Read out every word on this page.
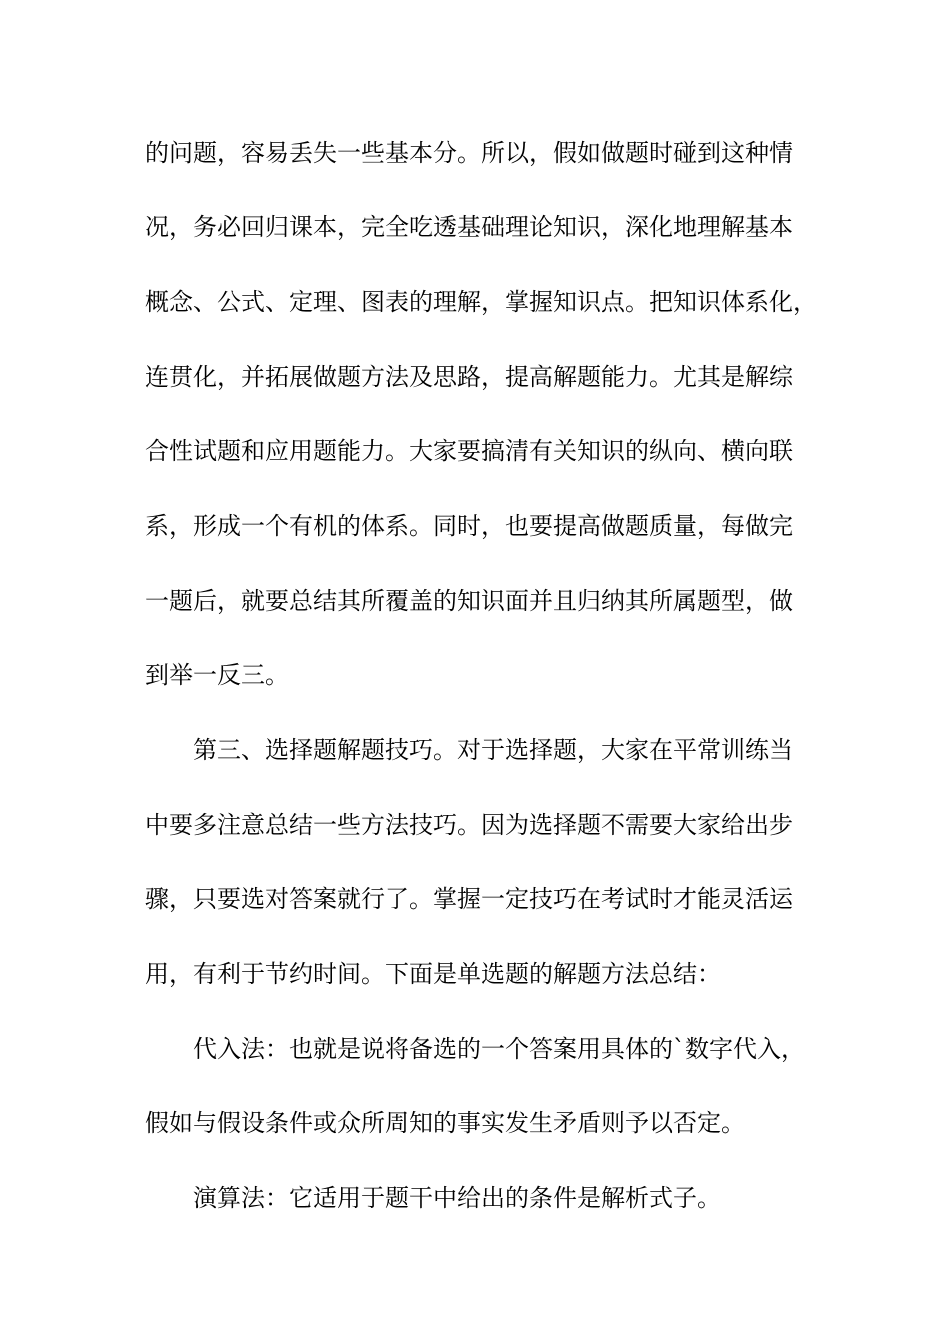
的问题，容易丢失一些基本分。所以，假如做题时碰到这种情
况，务必回归课本，完全吃透基础理论知识，深化地理解基本
概念、公式、定理、图表的理解，掌握知识点。把知识体系化，
连贯化，并拓展做题方法及思路，提高解题能力。尤其是解综
合性试题和应用题能力。大家要搞清有关知识的纵向、横向联
系，形成一个有机的体系。同时，也要提高做题质量，每做完
一题后，就要总结其所覆盖的知识面并且归纳其所属题型，做
到举一反三。
第三、选择题解题技巧。对于选择题，大家在平常训练当
中要多注意总结一些方法技巧。因为选择题不需要大家给出步
骤，只要选对答案就行了。掌握一定技巧在考试时才能灵活运
用，有利于节约时间。下面是单选题的解题方法总结：
代入法：也就是说将备选的一个答案用具体的`数字代入，
假如与假设条件或众所周知的事实发生矛盾则予以否定。
演算法：它适用于题干中给出的条件是解析式子。
